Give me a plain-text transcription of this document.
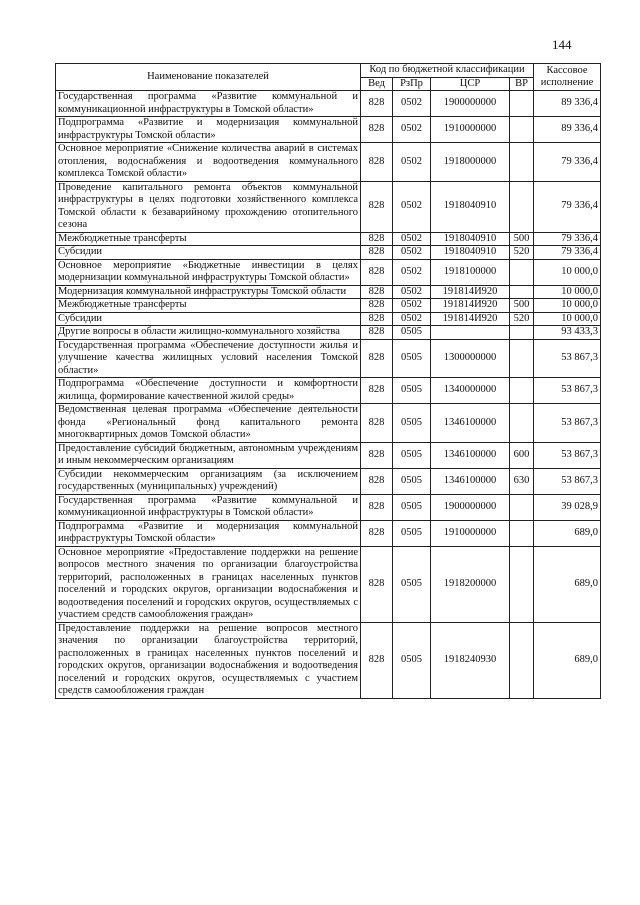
144
Наименование показателей	Код по бюджетной классификации				Кассовое исполнение
	Вед	РзПр	ЦСР	ВР	
Государственная программа «Развитие коммунальной и коммуникационной инфраструктуры в Томской области»	828	0502	1900000000		89 336,4
Подпрограмма «Развитие и модернизация коммунальной инфраструктуры Томской области»	828	0502	1910000000		89 336,4
Основное мероприятие «Снижение количества аварий в системах отопления, водоснабжения и водоотведения коммунального комплекса Томской области»	828	0502	1918000000		79 336,4
Проведение капитального ремонта объектов коммунальной инфраструктуры в целях подготовки хозяйственного комплекса Томской области к безаварийному прохождению отопительного сезона	828	0502	1918040910		79 336,4
Межбюджетные трансферты	828	0502	1918040910	500	79 336,4
Субсидии	828	0502	1918040910	520	79 336,4
Основное мероприятие «Бюджетные инвестиции в целях модернизации коммунальной инфраструктуры Томской области»	828	0502	1918100000		10 000,0
Модернизация коммунальной инфраструктуры Томской области	828	0502	191814И920		10 000,0
Межбюджетные трансферты	828	0502	191814И920	500	10 000,0
Субсидии	828	0502	191814И920	520	10 000,0
Другие вопросы в области жилищно-коммунального хозяйства	828	0505			93 433,3
Государственная программа «Обеспечение доступности жилья и улучшение качества жилищных условий населения Томской области»	828	0505	1300000000		53 867,3
Подпрограмма «Обеспечение доступности и комфортности жилища, формирование качественной жилой среды»	828	0505	1340000000		53 867,3
Ведомственная целевая программа «Обеспечение деятельности фонда «Региональный фонд капитального ремонта многоквартирных домов Томской области»	828	0505	1346100000		53 867,3
Предоставление субсидий бюджетным, автономным учреждениям и иным некоммерческим организациям	828	0505	1346100000	600	53 867,3
Субсидии некоммерческим организациям (за исключением государственных (муниципальных) учреждений)	828	0505	1346100000	630	53 867,3
Государственная программа «Развитие коммунальной и коммуникационной инфраструктуры в Томской области»	828	0505	1900000000		39 028,9
Подпрограмма «Развитие и модернизация коммунальной инфраструктуры Томской области»	828	0505	1910000000		689,0
Основное мероприятие «Предоставление поддержки на решение вопросов местного значения по организации благоустройства территорий, расположенных в границах населенных пунктов поселений и городских округов, организации водоснабжения и водоотведения поселений и городских округов, осуществляемых с участием средств самообложения граждан»	828	0505	1918200000		689,0
Предоставление поддержки на решение вопросов местного значения по организации благоустройства территорий, расположенных в границах населенных пунктов поселений и городских округов, организации водоснабжения и водоотведения поселений и городских округов, осуществляемых с участием средств самообложения граждан	828	0505	1918240930		689,0
